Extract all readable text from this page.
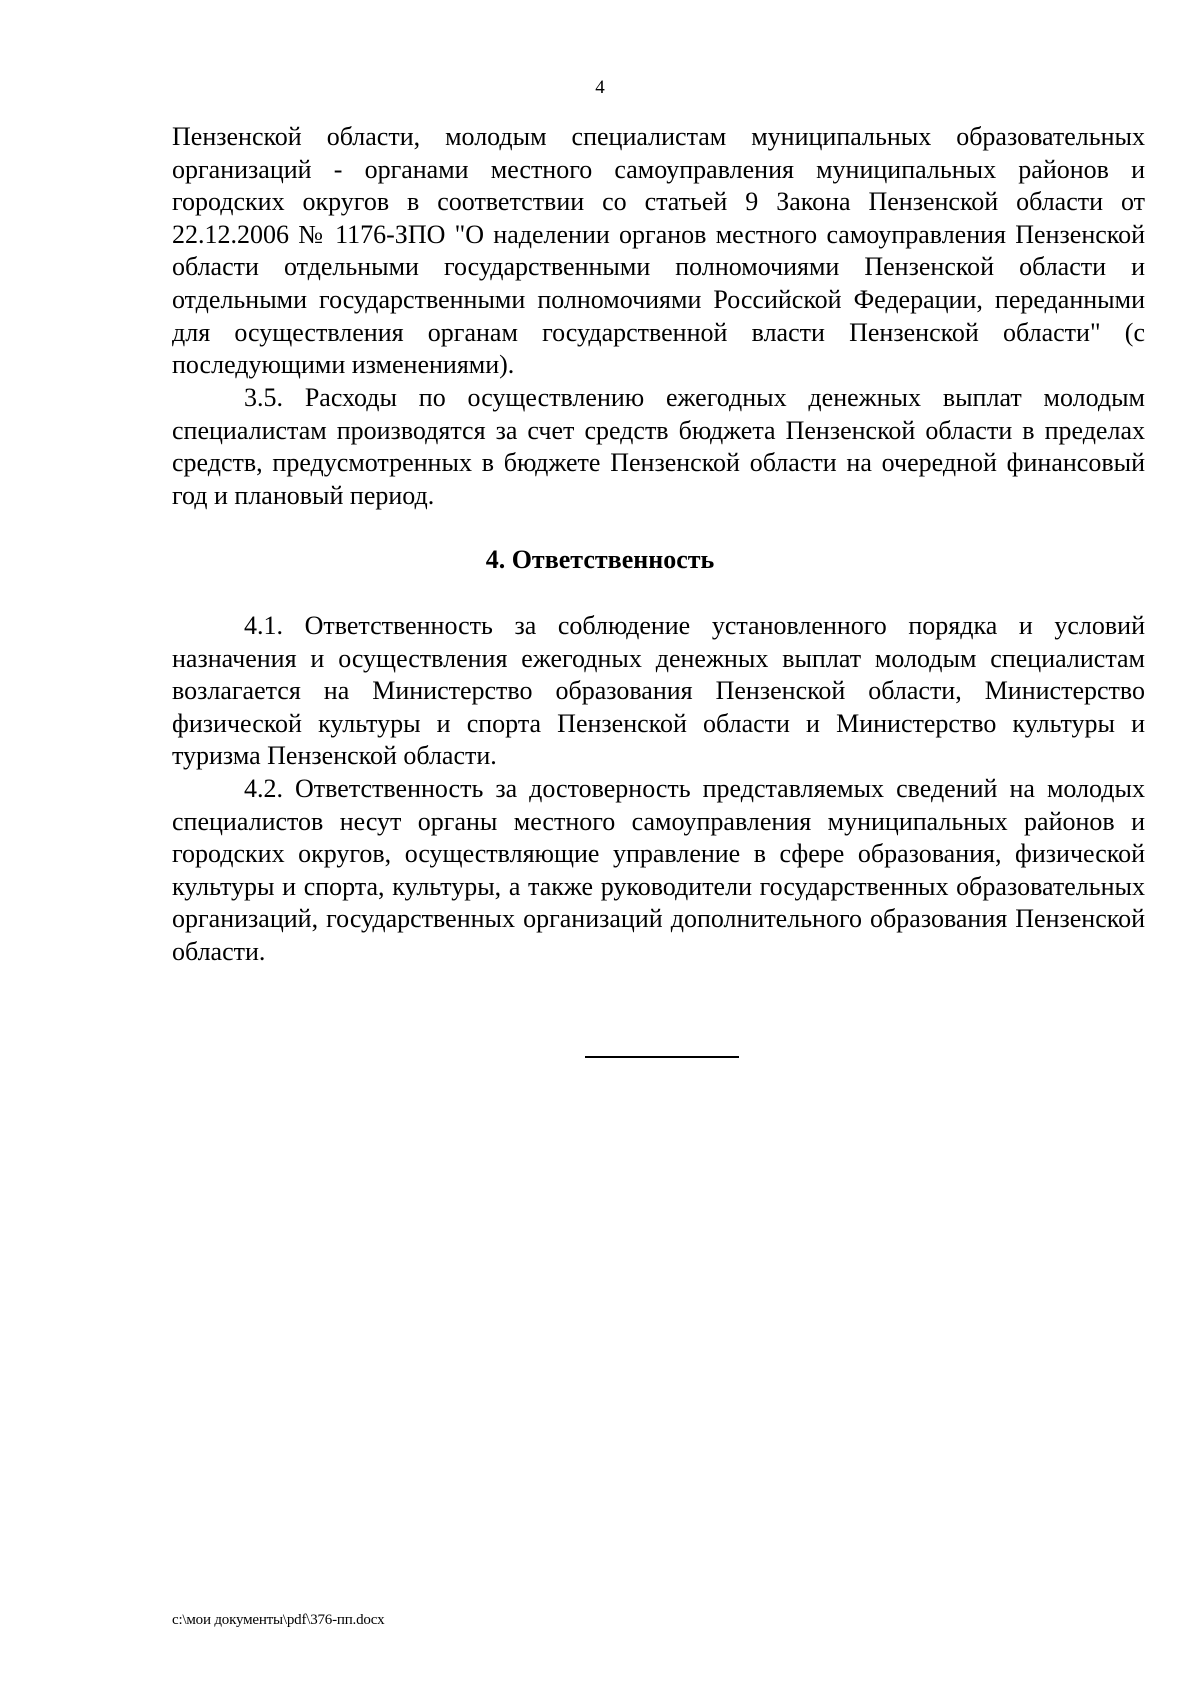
4

Пензенской области, молодым специалистам муниципальных образовательных организаций - органами местного самоуправления муниципальных районов и городских округов в соответствии со статьей 9 Закона Пензенской области от 22.12.2006 № 1176-ЗПО "О наделении органов местного самоуправления Пензенской области отдельными государственными полномочиями Пензенской области и отдельными государственными полномочиями Российской Федерации, переданными для осуществления органам государственной власти Пензенской области" (с последующими изменениями).

3.5. Расходы по осуществлению ежегодных денежных выплат молодым специалистам производятся за счет средств бюджета Пензенской области в пределах средств, предусмотренных в бюджете Пензенской области на очередной финансовый год и плановый период.

4. Ответственность

4.1. Ответственность за соблюдение установленного порядка и условий назначения и осуществления ежегодных денежных выплат молодым специалистам возлагается на Министерство образования Пензенской области, Министерство физической культуры и спорта Пензенской области и Министерство культуры и туризма Пензенской области.

4.2. Ответственность за достоверность представляемых сведений на молодых специалистов несут органы местного самоуправления муниципальных районов и городских округов, осуществляющие управление в сфере образования, физической культуры и спорта, культуры, а также руководители государственных образовательных организаций, государственных организаций дополнительного образования Пензенской области.

c:\мои документы\pdf\376-пп.docx
